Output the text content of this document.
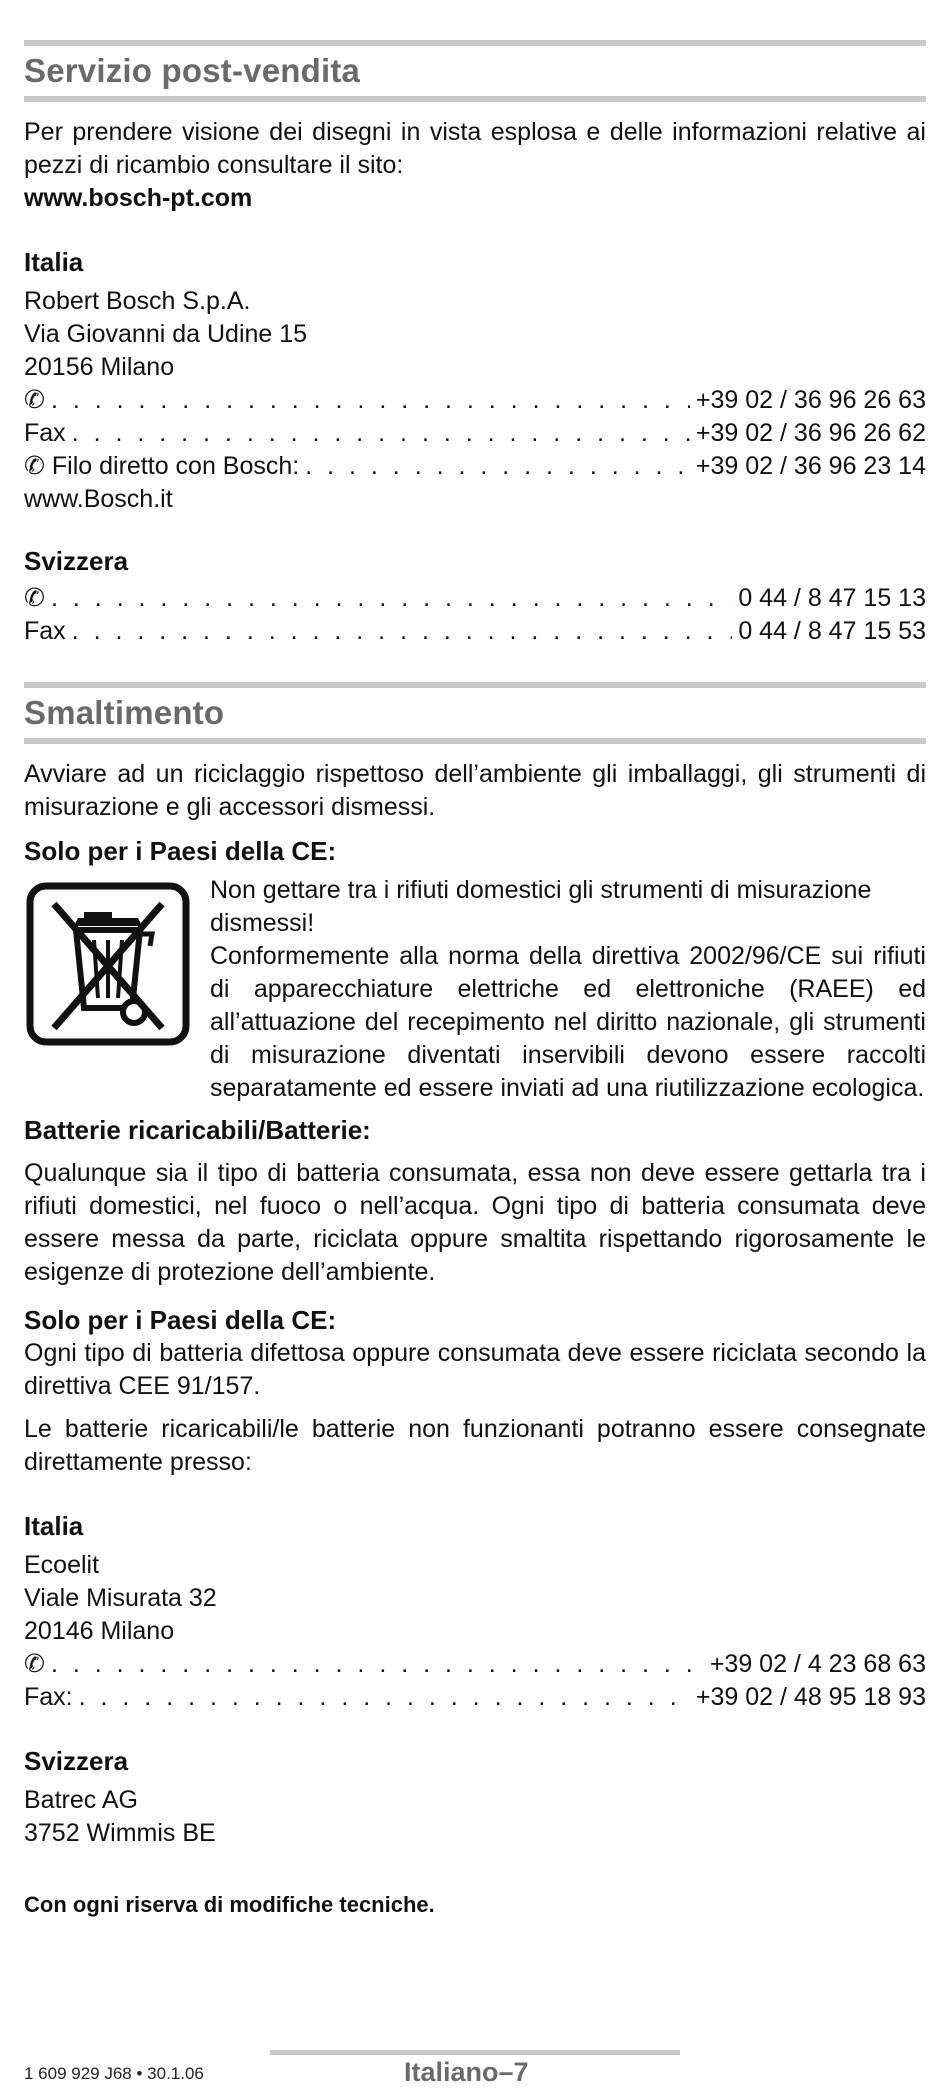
Servizio post-vendita

Per prendere visione dei disegni in vista esplosa e delle informazioni relative ai pezzi di ricambio consultare il sito:

www.bosch-pt.com

Italia
Robert Bosch S.p.A.
Via Giovanni da Udine 15
20156 Milano
✆ . . .	+39 02 / 36 96 26 63
Fax . . .	+39 02 / 36 96 26 62
✆ Filo diretto con Bosch: . . .	+39 02 / 36 96 23 14
www.Bosch.it
Svizzera
✆ . . .	0 44 / 8 47 15 13
Fax . . .	0 44 / 8 47 15 53
Smaltimento

Avviare ad un riciclaggio rispettoso dell’ambiente gli imballaggi, gli strumenti di misurazione e gli accessori dismessi.

Solo per i Paesi della CE:

Non gettare tra i rifiuti domestici gli strumenti di misurazione dismessi!

Conformemente alla norma della direttiva 2002/96/CE sui rifiuti di apparecchiature elettriche ed elettroniche (RAEE) ed all’attuazione del recepimento nel diritto nazionale, gli strumenti di misurazione diventati inservibili devono essere raccolti separatamente ed essere inviati ad una riutilizzazione ecologica.

Batterie ricaricabili/Batterie:

Qualunque sia il tipo di batteria consumata, essa non deve essere gettarla tra i rifiuti domestici, nel fuoco o nell’acqua. Ogni tipo di batteria consumata deve essere messa da parte, riciclata oppure smaltita rispettando rigorosamente le esigenze di protezione dell’ambiente.

Solo per i Paesi della CE:

Ogni tipo di batteria difettosa oppure consumata deve essere riciclata secondo la direttiva CEE 91/157.

Le batterie ricaricabili/le batterie non funzionanti potranno essere consegnate direttamente presso:

Italia
Ecoelit
Viale Misurata 32
20146 Milano
✆ . . .	+39 02 / 4 23 68 63
Fax: . . .	+39 02 / 48 95 18 93
Svizzera
Batrec AG
3752 Wimmis BE
Con ogni riserva di modifiche tecniche.
1 609 929 J68 • 30.1.06	Italiano–7
